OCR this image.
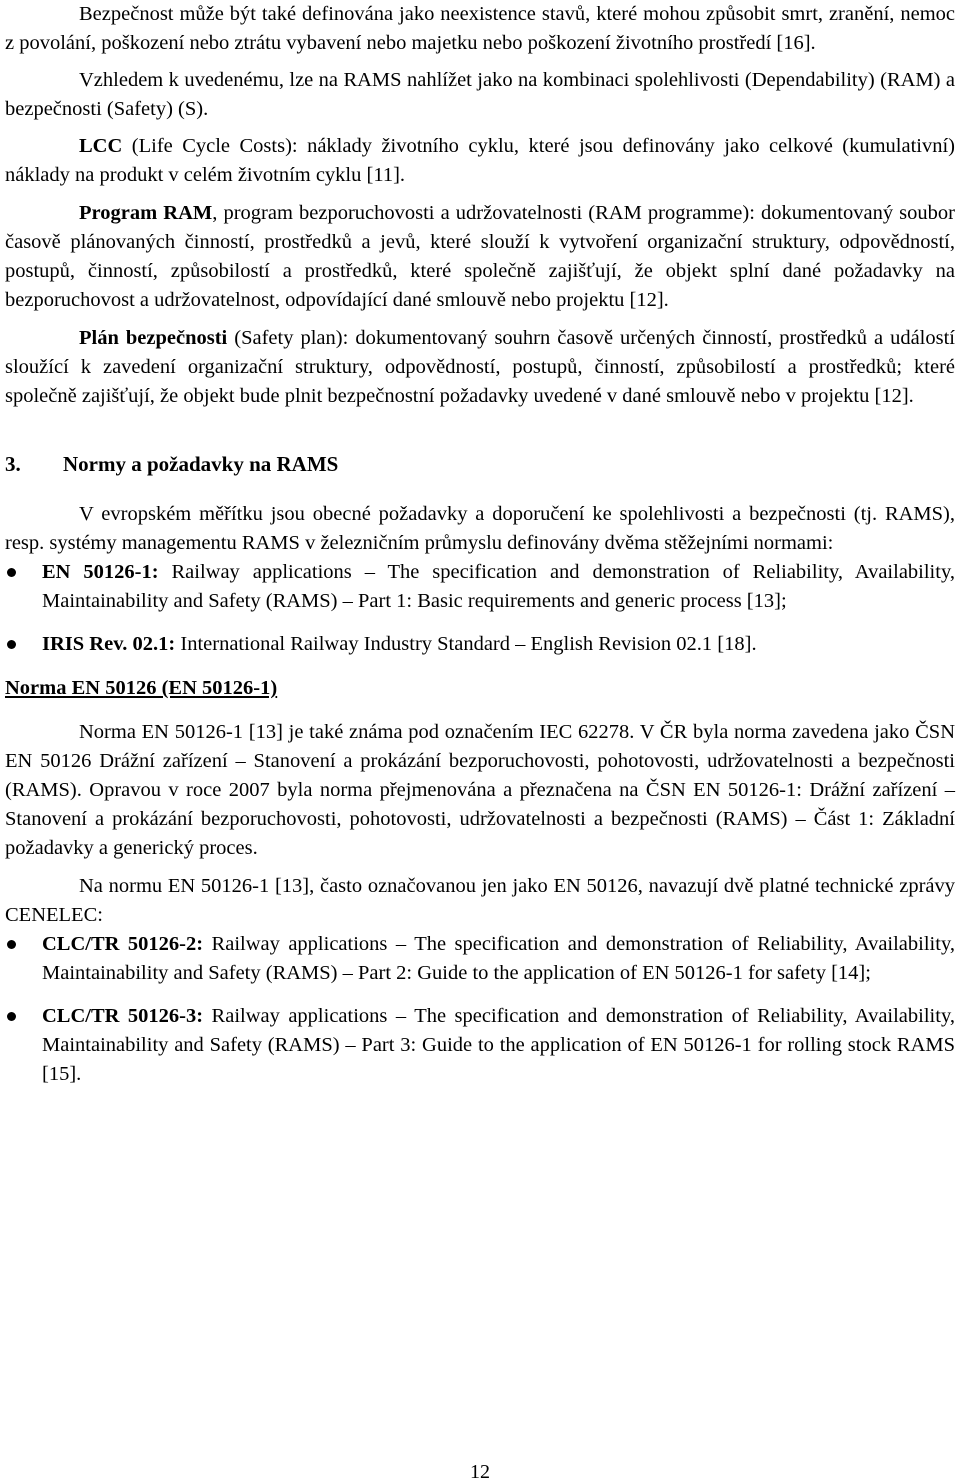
Bezpečnost může být také definována jako neexistence stavů, které mohou způsobit smrt, zranění, nemoc z povolání, poškození nebo ztrátu vybavení nebo majetku nebo poškození životního prostředí [16].

Vzhledem k uvedenému, lze na RAMS nahlížet jako na kombinaci spolehlivosti (Dependability) (RAM) a bezpečnosti (Safety) (S).

LCC (Life Cycle Costs): náklady životního cyklu, které jsou definovány jako celkové (kumulativní) náklady na produkt v celém životním cyklu [11].

Program RAM, program bezporuchovosti a udržovatelnosti (RAM programme): dokumentovaný soubor časově plánovaných činností, prostředků a jevů, které slouží k vytvoření organizační struktury, odpovědností, postupů, činností, způsobilostí a prostředků, které společně zajišťují, že objekt splní dané požadavky na bezporuchovost a udržovatelnost, odpovídající dané smlouvě nebo projektu [12].

Plán bezpečnosti (Safety plan): dokumentovaný souhrn časově určených činností, prostředků a událostí sloužící k zavedení organizační struktury, odpovědností, postupů, činností, způsobilostí a prostředků; které společně zajišťují, že objekt bude plnit bezpečnostní požadavky uvedené v dané smlouvě nebo v projektu [12].

3. Normy a požadavky na RAMS

V evropském měřítku jsou obecné požadavky a doporučení ke spolehlivosti a bezpečnosti (tj. RAMS), resp. systémy managementu RAMS v železničním průmyslu definovány dvěma stěžejními normami:

EN 50126-1: Railway applications – The specification and demonstration of Reliability, Availability, Maintainability and Safety (RAMS) – Part 1: Basic requirements and generic process [13];
IRIS Rev. 02.1: International Railway Industry Standard – English Revision 02.1 [18].
Norma EN 50126 (EN 50126-1)

Norma EN 50126-1 [13] je také známa pod označením IEC 62278. V ČR byla norma zavedena jako ČSN EN 50126 Drážní zařízení – Stanovení a prokázání bezporuchovosti, pohotovosti, udržovatelnosti a bezpečnosti (RAMS). Opravou v roce 2007 byla norma přejmenována a přeznačena na ČSN EN 50126-1: Drážní zařízení – Stanovení a prokázání bezporuchovosti, pohotovosti, udržovatelnosti a bezpečnosti (RAMS) – Část 1: Základní požadavky a generický proces.

Na normu EN 50126-1 [13], často označovanou jen jako EN 50126, navazují dvě platné technické zprávy CENELEC:

CLC/TR 50126-2: Railway applications – The specification and demonstration of Reliability, Availability, Maintainability and Safety (RAMS) – Part 2: Guide to the application of EN 50126-1 for safety [14];
CLC/TR 50126-3: Railway applications – The specification and demonstration of Reliability, Availability, Maintainability and Safety (RAMS) – Part 3: Guide to the application of EN 50126-1 for rolling stock RAMS [15].
12
